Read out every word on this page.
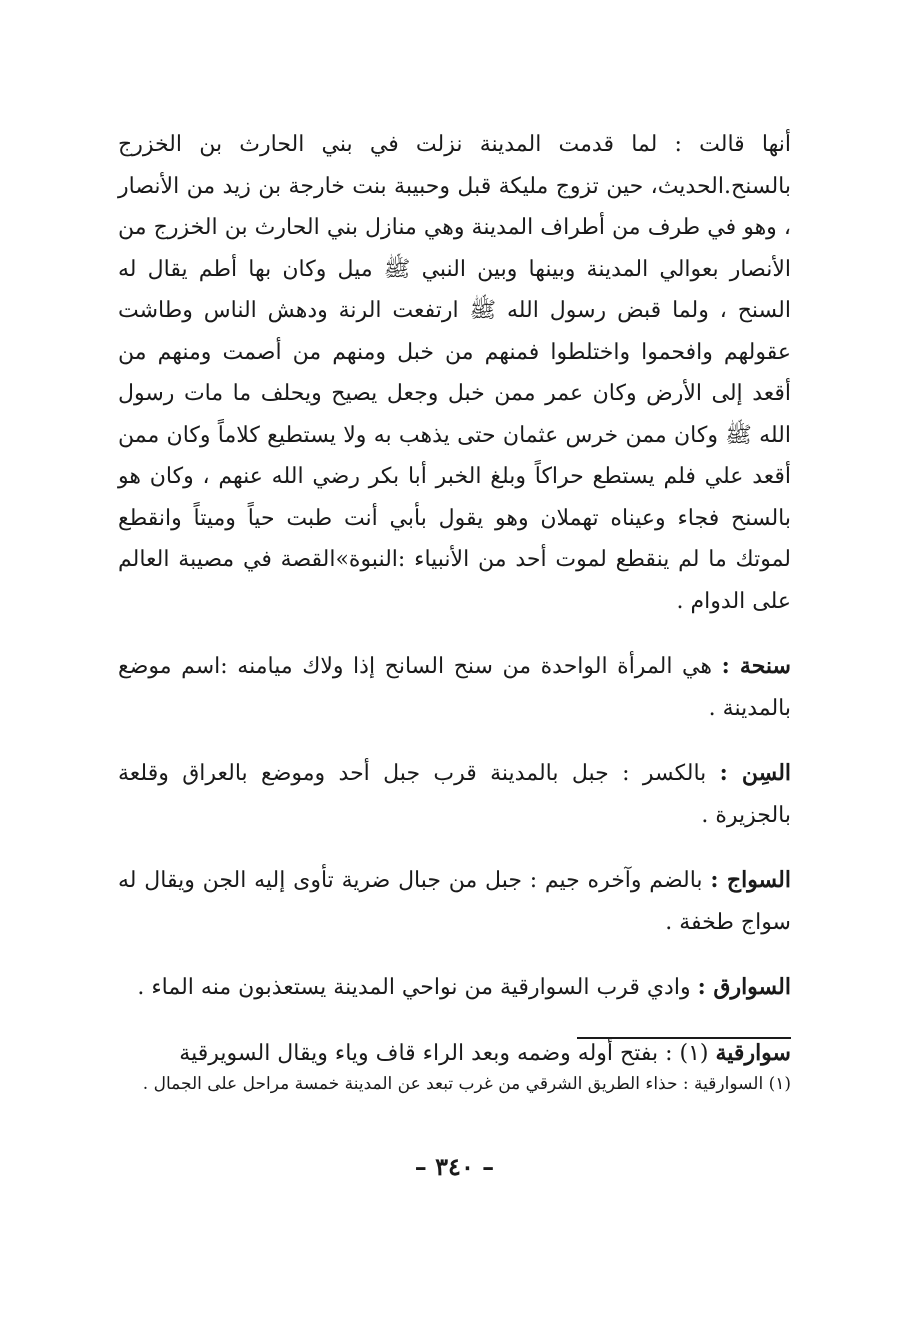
أنها قالت : لما قدمت المدينة نزلت في بني الحارث بن الخزرج بالسنح.الحديث، حين تزوج مليكة قبل وحبيبة بنت خارجة بن زيد من الأنصار ، وهو في طرف من أطراف المدينة وهي منازل بني الحارث بن الخزرج من الأنصار بعوالي المدينة وبينها وبين النبي ﷺ ميل وكان بها أطم يقال له السنح ، ولما قبض رسول الله ﷺ ارتفعت الرنة ودهش الناس وطاشت عقولهم وافحموا واختلطوا فمنهم من خبل ومنهم من أصمت ومنهم من أقعد إلى الأرض وكان عمر ممن خبل وجعل يصيح ويحلف ما مات رسول الله ﷺ وكان ممن خرس عثمان حتى يذهب به ولا يستطيع كلاماً وكان ممن أقعد علي فلم يستطع حراكاً وبلغ الخبر أبا بكر رضي الله عنهم ، وكان هو بالسنح فجاء وعيناه تهملان وهو يقول بأبي أنت طبت حياً وميتاً وانقطع لموتك ما لم ينقطع لموت أحد من الأنبياء :النبوة»القصة في مصيبة العالم على الدوام .

سنحة : هي المرأة الواحدة من سنح السانح إذا ولاك ميامنه :اسم موضع بالمدينة .

السِن : بالكسر : جبل بالمدينة قرب جبل أحد وموضع بالعراق وقلعة بالجزيرة .

السواج : بالضم وآخره جيم : جبل من جبال ضرية تأوى إليه الجن ويقال له سواج طخفة .

السوارق : وادي قرب السوارقية من نواحي المدينة يستعذبون منه الماء .

سوارقية (١) : بفتح أوله وضمه وبعد الراء قاف وياء ويقال السويرقية

(١) السوارقية : حذاء الطريق الشرقي من غرب تبعد عن المدينة خمسة مراحل على الجمال .
– ٣٤٠ –
